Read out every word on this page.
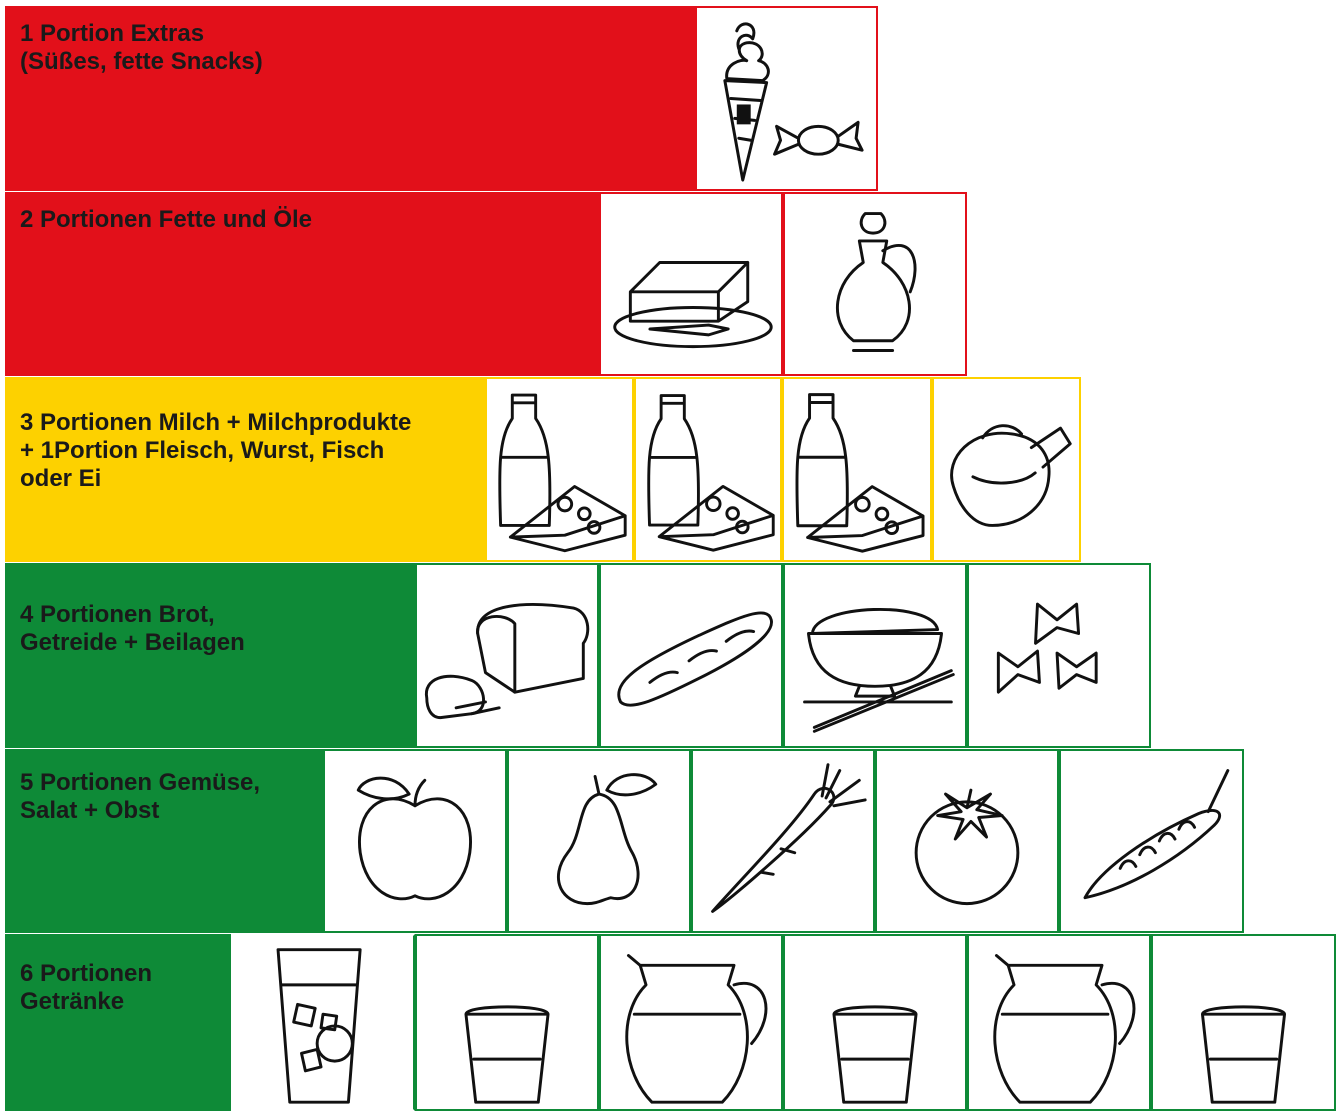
1 Portion Extras
(Süßes, fette Snacks)
2 Portionen Fette und Öle
3 Portionen Milch + Milchprodukte
+ 1Portion Fleisch, Wurst, Fisch
oder Ei
4 Portionen Brot,
Getreide + Beilagen
5 Portionen Gemüse,
Salat + Obst
6 Portionen
Getränke
